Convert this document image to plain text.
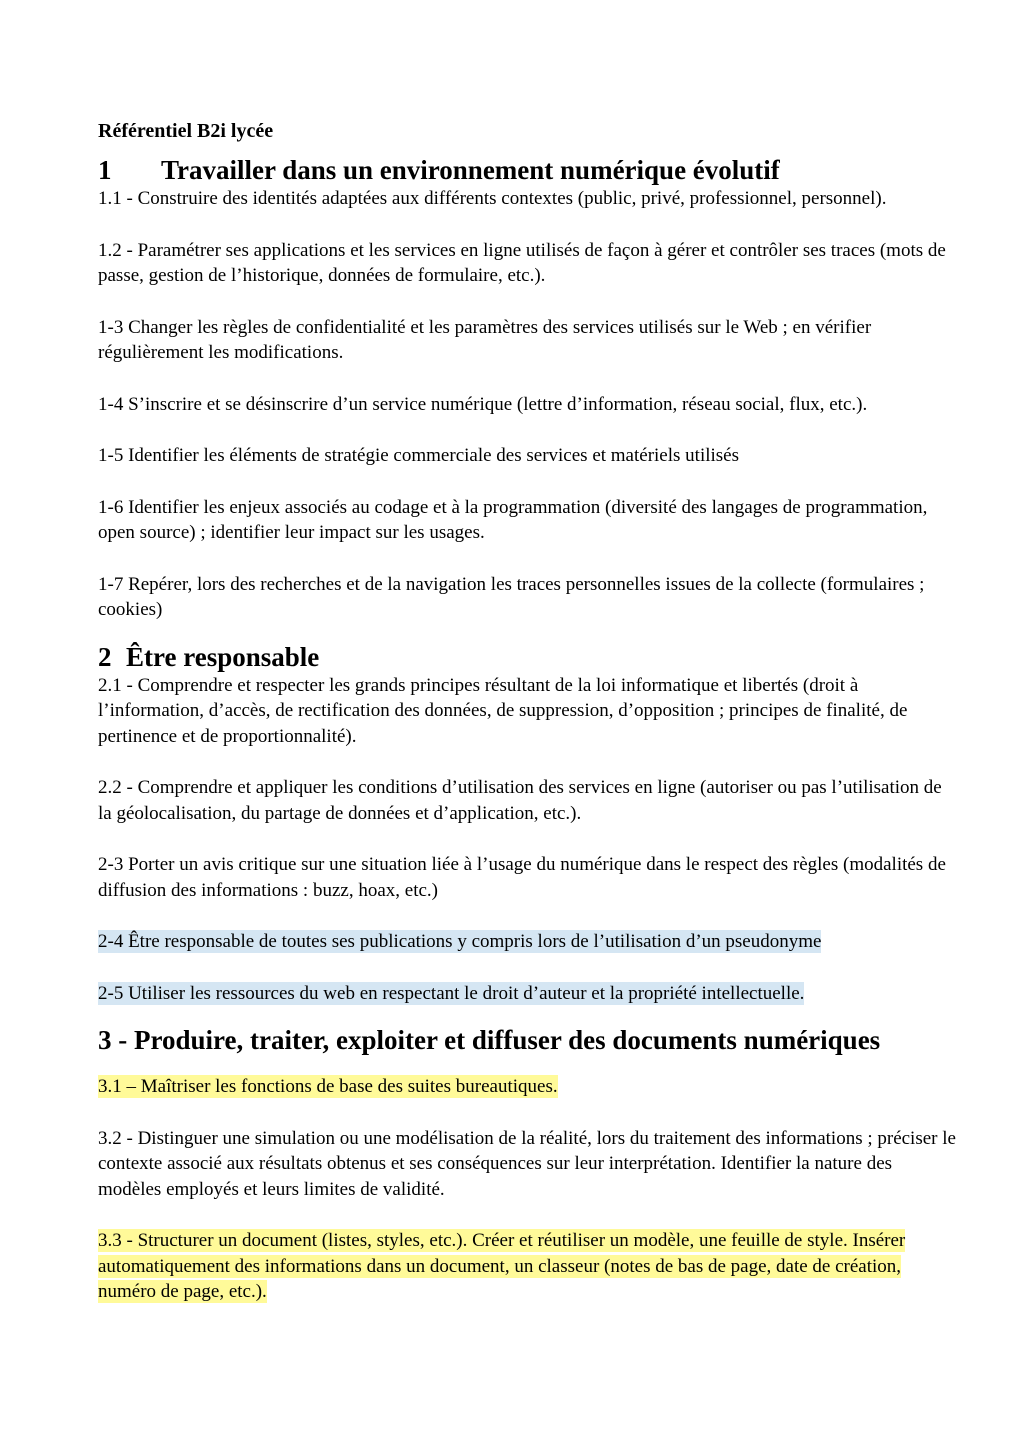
Référentiel B2i lycée
1	Travailler dans un environnement numérique évolutif

1.1 - Construire des identités adaptées aux différents contextes (public, privé, professionnel, personnel).

1.2 - Paramétrer ses applications et les services en ligne utilisés de façon à gérer et contrôler ses traces (mots de passe, gestion de l’historique, données de formulaire, etc.).

1-3 Changer les règles de confidentialité et les paramètres des services utilisés sur le Web ; en vérifier régulièrement les modifications.

1-4 S’inscrire et se désinscrire d’un service numérique (lettre d’information, réseau social, flux, etc.).

1-5 Identifier les éléments de stratégie commerciale des services et matériels utilisés

1-6 Identifier les enjeux associés au codage et à la programmation (diversité des langages de programmation, open source) ; identifier leur impact sur les usages.

1-7 Repérer, lors des recherches et de la navigation les traces personnelles issues de la collecte (formulaires ; cookies)

2 Être responsable

2.1 - Comprendre et respecter les grands principes résultant de la loi informatique et libertés (droit à l’information, d’accès, de rectification des données, de suppression, d’opposition ; principes de finalité, de pertinence et de proportionnalité).

2.2 - Comprendre et appliquer les conditions d’utilisation des services en ligne (autoriser ou pas l’utilisation de la géolocalisation, du partage de données et d’application, etc.).

2-3 Porter un avis critique sur une situation liée à l’usage du numérique dans le respect des règles (modalités de diffusion des informations : buzz, hoax, etc.)

2-4 Être responsable de toutes ses publications y compris lors de l’utilisation d’un pseudonyme

2-5 Utiliser les ressources du web en respectant le droit d’auteur et la propriété intellectuelle.

3 -
Produire, traiter, exploiter et diffuser des documents numériques

3.1 – Maîtriser les fonctions de base des suites bureautiques.

3.2 - Distinguer une simulation ou une modélisation de la réalité, lors du traitement des informations ; préciser le contexte associé aux résultats obtenus et ses conséquences sur leur interprétation. Identifier la nature des modèles employés et leurs limites de validité.

3.3 - Structurer un document (listes, styles, etc.). Créer et réutiliser un modèle, une feuille de style. Insérer automatiquement des informations dans un document, un classeur (notes de bas de page, date de création, numéro de page, etc.).
